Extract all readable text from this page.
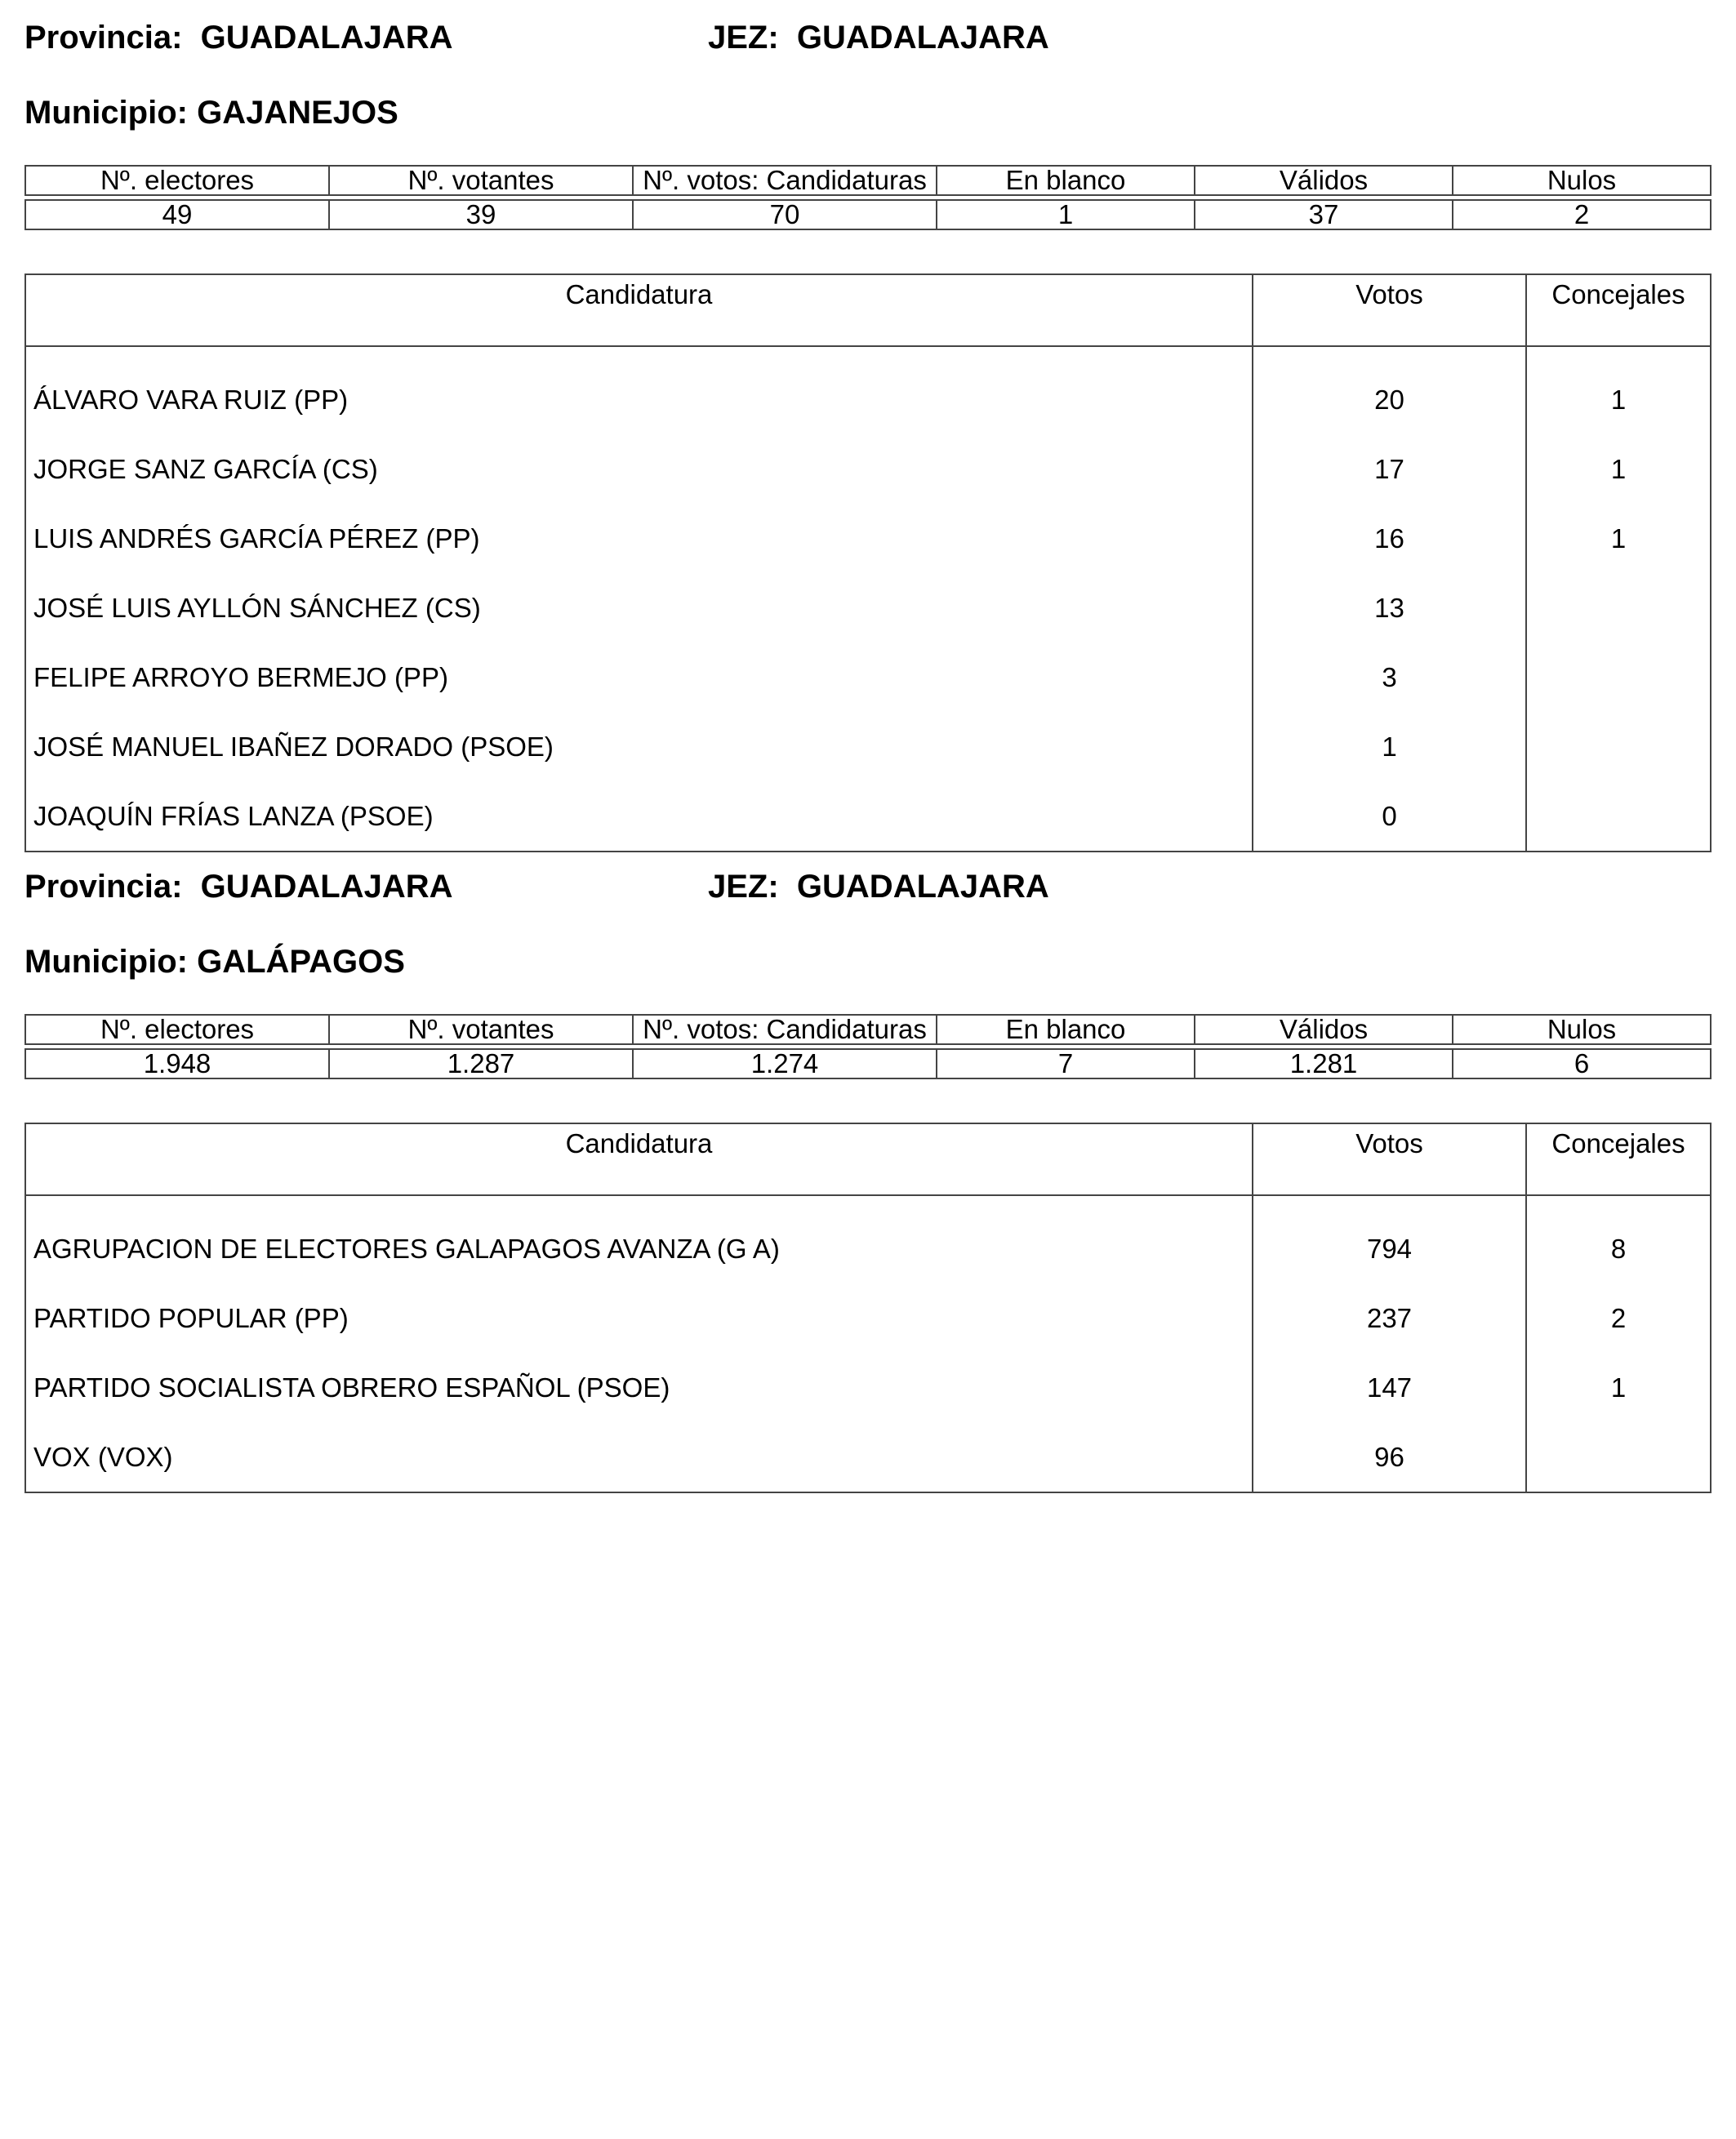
Provincia: GUADALAJARA	JEZ: GUADALAJARA
Municipio: GAJANEJOS
Nº. electores	Nº. votantes	Nº. votos: Candidaturas	En blanco	Válidos	Nulos

49	39	70	1	37	2
Candidatura	Votos	Concejales
ÁLVARO VARA RUIZ (PP)	20	1
JORGE SANZ GARCÍA (CS)	17	1
LUIS ANDRÉS GARCÍA PÉREZ (PP)	16	1
JOSÉ LUIS AYLLÓN SÁNCHEZ (CS)	13	
FELIPE ARROYO BERMEJO (PP)	3	
JOSÉ MANUEL IBAÑEZ DORADO (PSOE)	1	
JOAQUÍN FRÍAS LANZA (PSOE)	0	
Provincia: GUADALAJARA	JEZ: GUADALAJARA
Municipio: GALÁPAGOS
Nº. electores	Nº. votantes	Nº. votos: Candidaturas	En blanco	Válidos	Nulos

1.948	1.287	1.274	7	1.281	6
Candidatura	Votos	Concejales
AGRUPACION DE ELECTORES GALAPAGOS AVANZA (G A)	794	8
PARTIDO POPULAR (PP)	237	2
PARTIDO SOCIALISTA OBRERO ESPAÑOL (PSOE)	147	1
VOX (VOX)	96	
